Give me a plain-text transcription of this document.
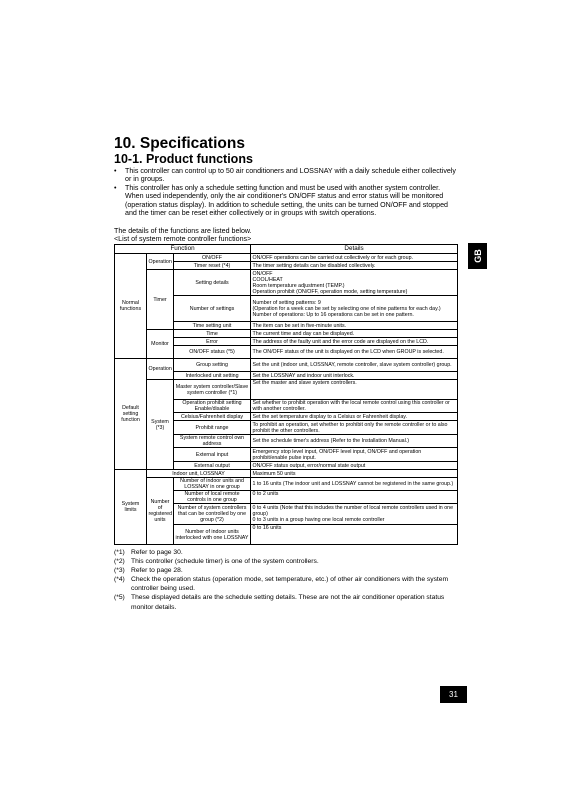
10. Specifications
10-1. Product functions
•	This controller can control up to 50 air conditioners and LOSSNAY with a daily schedule either collectively or in groups.
•	This controller has only a schedule setting function and must be used with another system controller. When used independently, only the air conditioner's ON/OFF status and error status will be monitored (operation status display). In addition to schedule setting, the units can be turned ON/OFF and stopped and the timer can be reset either collectively or in groups with switch operations.
The details of the functions are listed below.
<List of system remote controller functions>
Function			Details
Normal functions	Operation	ON/OFF	ON/OFF operations can be carried out collectively or for each group.
		Timer reset (*4)	The timer setting details can be disabled collectively.
	Timer	Setting details	ON/OFF
COOL/HEAT
Room temperature adjustment (TEMP.)
Operation prohibit (ON/OFF, operation mode, setting temperature)

		Number of settings	Number of setting patterns: 9
(Operation for a week can be set by selecting one of nine patterns for each day.)
Number of operations: Up to 16 operations can be set in one pattern.

		Time setting unit	The item can be set in five-minute units.
	Monitor	Time	The current time and day can be displayed.
		Error	The address of the faulty unit and the error code are displayed on the LCD.
		ON/OFF status (*5)	The ON/OFF status of the unit is displayed on the LCD when GROUP is selected.
Default setting function	Operation	Group setting	Set the unit (indoor unit, LOSSNAY, remote controller, slave system controller) group.
		Interlocked unit setting	Set the LOSSNAY and indoor unit interlock.
	System (*3)	Master system controller/Slave system controller (*1)	Set the master and slave system controllers.
		Operation prohibit setting Enable/disable	Set whether to prohibit operation with the local remote control using this controller or with another controller.
		Celsius/Fahrenheit display	Set the set temperature display to a Celsius or Fahrenheit display.
		Prohibit range	To prohibit an operation, set whether to prohibit only the remote controller or to also prohibit the other controllers.
		System remote control own address	Set the schedule timer's address (Refer to the Installation Manual.)
		External input	Emergency stop level input, ON/OFF level input, ON/OFF and operation prohibit/enable pulse input.
		External output	ON/OFF status output, error/normal state output
System limits	Indoor unit, LOSSNAY		Maximum 50 units
	Number of registered units	Number of indoor units and LOSSNAY in one group	1 to 16 units (The indoor unit and LOSSNAY cannot be registered in the same group.)
		Number of local remote controls in one group	0 to 2 units
		Number of system controllers that can be controlled by one group (*2)	0 to 4 units (Note that this includes the number of local remote controllers used in one group)
0 to 3 units in a group having one local remote controller

		Number of indoor units interlocked with one LOSSNAY	0 to 16 units
(*1) Refer to page 30.
(*2) This controller (schedule timer) is one of the system controllers.
(*3) Refer to page 28.
(*4) Check the operation status (operation mode, set temperature, etc.) of other air conditioners with the system controller being used.
(*5) These displayed details are the schedule setting details. These are not the air conditioner operation status monitor details.
GB
31
